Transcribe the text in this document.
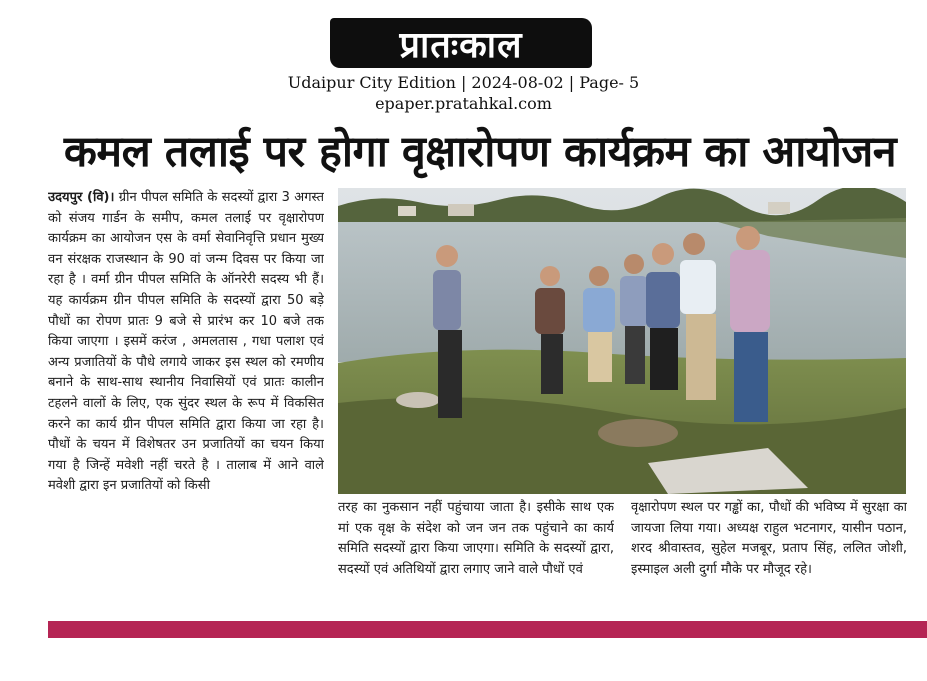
प्रातःकाल
Udaipur City Edition | 2024-08-02 | Page- 5
epaper.pratahkal.com
कमल तलाई पर होगा वृक्षारोपण कार्यक्रम का आयोजन
उदयपुर (वि)। ग्रीन पीपल समिति के सदस्यों द्वारा 3 अगस्त को संजय गार्डन के समीप, कमल तलाई पर वृक्षारोपण कार्यक्रम का आयोजन एस के वर्मा सेवानिवृत्ति प्रधान मुख्य वन संरक्षक राजस्थान के 90 वां जन्म दिवस पर किया जा रहा है । वर्मा ग्रीन पीपल समिति के ऑनरेरी सदस्य भी हैं। यह कार्यक्रम ग्रीन पीपल समिति के सदस्यों द्वारा 50 बड़े पौधों का रोपण प्रातः 9 बजे से प्रारंभ कर 10 बजे तक किया जाएगा । इसमें करंज , अमलतास , गधा पलाश एवं अन्य प्रजातियों के पौधे लगाये जाकर इस स्थल को रमणीय बनाने के साथ-साथ स्थानीय निवासियों एवं प्रातः कालीन टहलने वालों के लिए, एक सुंदर स्थल के रूप में विकसित करने का कार्य ग्रीन पीपल समिति द्वारा किया जा रहा है। पौधों के चयन में विशेषतर उन प्रजातियों का चयन किया गया है जिन्हें मवेशी नहीं चरते है । तालाब में आने वाले मवेशी द्वारा इन प्रजातियों को किसी
तरह का नुकसान नहीं पहुंचाया जाता है। इसीके साथ एक मां एक वृक्ष के संदेश को जन जन तक पहुंचाने का कार्य समिति सदस्यों द्वारा किया जाएगा। समिति के सदस्यों द्वारा, सदस्यों एवं अतिथियों द्वारा लगाए जाने वाले पौधों एवं
वृक्षारोपण स्थल पर गड्ढों का, पौधों की भविष्य में सुरक्षा का जायजा लिया गया। अध्यक्ष राहुल भटनागर, यासीन पठान, शरद श्रीवास्तव, सुहेल मजबूर, प्रताप सिंह, ललित जोशी, इस्माइल अली दुर्गा मौके पर मौजूद रहे।
